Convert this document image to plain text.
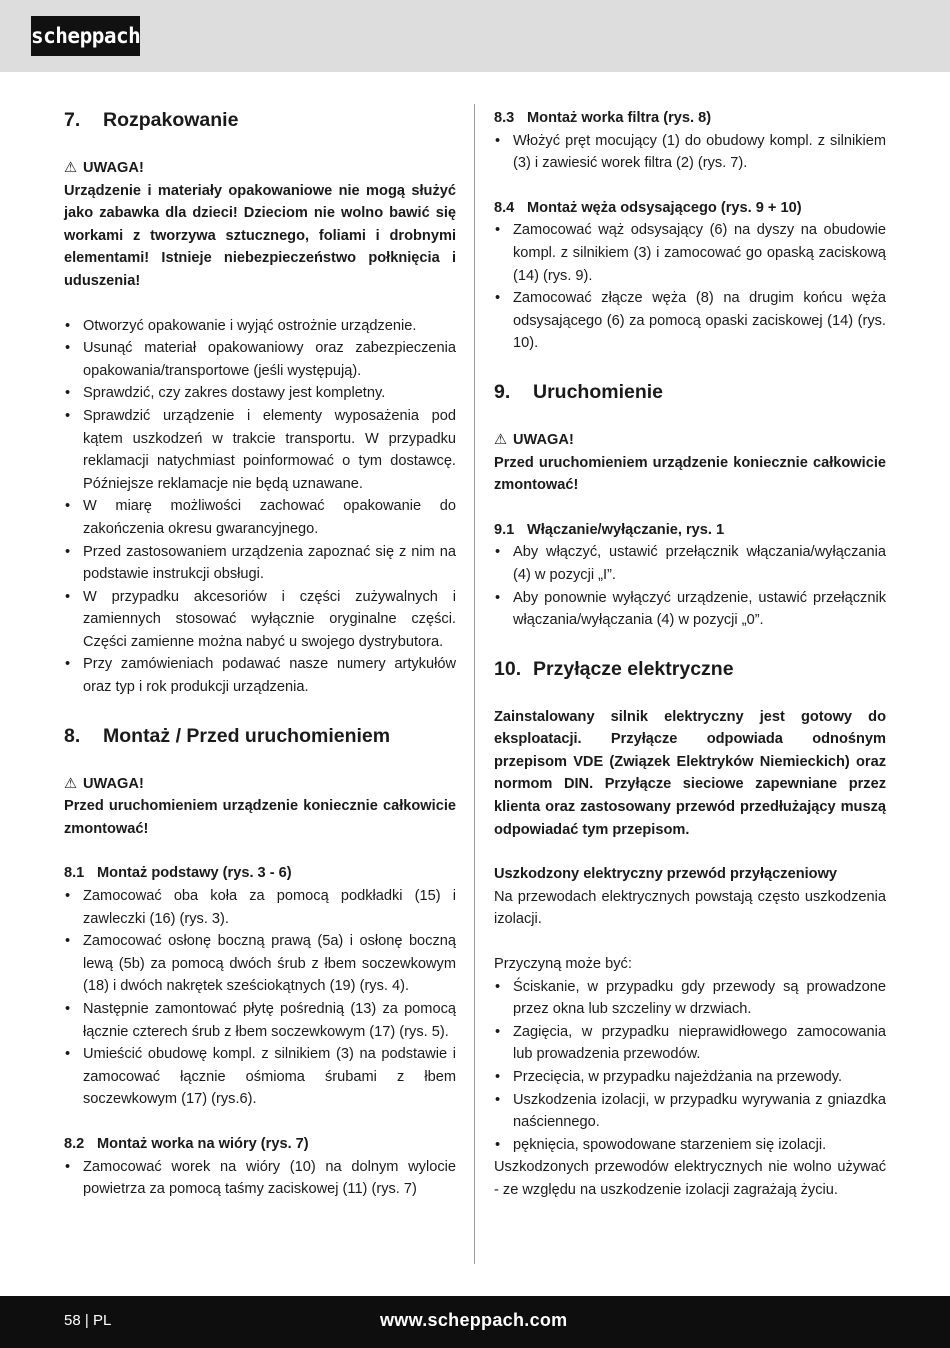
scheppach
7. Rozpakowanie

⚠ UWAGA!

Urządzenie i materiały opakowaniowe nie mogą służyć jako zabawka dla dzieci! Dzieciom nie wolno bawić się workami z tworzywa sztucznego, foliami i drobnymi elementami! Istnieje niebezpieczeństwo połknięcia i uduszenia!

• Otworzyć opakowanie i wyjąć ostrożnie urządzenie.
• Usunąć materiał opakowaniowy oraz zabezpieczenia opakowania/transportowe (jeśli występują).
• Sprawdzić, czy zakres dostawy jest kompletny.
• Sprawdzić urządzenie i elementy wyposażenia pod kątem uszkodzeń w trakcie transportu. W przypadku reklamacji natychmiast poinformować o tym dostawcę. Późniejsze reklamacje nie będą uznawane.
• W miarę możliwości zachować opakowanie do zakończenia okresu gwarancyjnego.
• Przed zastosowaniem urządzenia zapoznać się z nim na podstawie instrukcji obsługi.
• W przypadku akcesoriów i części zużywalnych i zamiennych stosować wyłącznie oryginalne części. Części zamienne można nabyć u swojego dystrybutora.
• Przy zamówieniach podawać nasze numery artykułów oraz typ i rok produkcji urządzenia.
8. Montaż / Przed uruchomieniem

⚠ UWAGA!

Przed uruchomieniem urządzenie koniecznie całkowicie zmontować!

8.1 Montaż podstawy (rys. 3 - 6)
• Zamocować oba koła za pomocą podkładki (15) i zawleczki (16) (rys. 3).
• Zamocować osłonę boczną prawą (5a) i osłonę boczną lewą (5b) za pomocą dwóch śrub z łbem soczewkowym (18) i dwóch nakrętek sześciokątnych (19) (rys. 4).
• Następnie zamontować płytę pośrednią (13) za pomocą łącznie czterech śrub z łbem soczewkowym (17) (rys. 5).
• Umieścić obudowę kompl. z silnikiem (3) na podstawie i zamocować łącznie ośmioma śrubami z łbem soczewkowym (17) (rys.6).
8.2 Montaż worka na wióry (rys. 7)
• Zamocować worek na wióry (10) na dolnym wylocie powietrza za pomocą taśmy zaciskowej (11) (rys. 7)
8.3 Montaż worka filtra (rys. 8)
• Włożyć pręt mocujący (1) do obudowy kompl. z silnikiem (3) i zawiesić worek filtra (2) (rys. 7).
8.4 Montaż węża odsysającego (rys. 9 + 10)
• Zamocować wąż odsysający (6) na dyszy na obudowie kompl. z silnikiem (3) i zamocować go opaską zaciskową (14) (rys. 9).
• Zamocować złącze węża (8) na drugim końcu węża odsysającego (6) za pomocą opaski zaciskowej (14) (rys. 10).
9. Uruchomienie

⚠ UWAGA!

Przed uruchomieniem urządzenie koniecznie całkowicie zmontować!

9.1 Włączanie/wyłączanie, rys. 1
• Aby włączyć, ustawić przełącznik włączania/wyłączania (4) w pozycji „I”.
• Aby ponownie wyłączyć urządzenie, ustawić przełącznik włączania/wyłączania (4) w pozycji „0”.
10. Przyłącze elektryczne

Zainstalowany silnik elektryczny jest gotowy do eksploatacji. Przyłącze odpowiada odnośnym przepisom VDE (Związek Elektryków Niemieckich) oraz normom DIN. Przyłącze sieciowe zapewniane przez klienta oraz zastosowany przewód przedłużający muszą odpowiadać tym przepisom.

Uszkodzony elektryczny przewód przyłączeniowy

Na przewodach elektrycznych powstają często uszkodzenia izolacji.

Przyczyną może być:

• Ściskanie, w przypadku gdy przewody są prowadzone przez okna lub szczeliny w drzwiach.
• Zagięcia, w przypadku nieprawidłowego zamocowania lub prowadzenia przewodów.
• Przecięcia, w przypadku najeżdżania na przewody.
• Uszkodzenia izolacji, w przypadku wyrywania z gniazdka naściennego.
• pęknięcia, spowodowane starzeniem się izolacji.

Uszkodzonych przewodów elektrycznych nie wolno używać - ze względu na uszkodzenie izolacji zagrażają życiu.

58 | PL	www.scheppach.com
